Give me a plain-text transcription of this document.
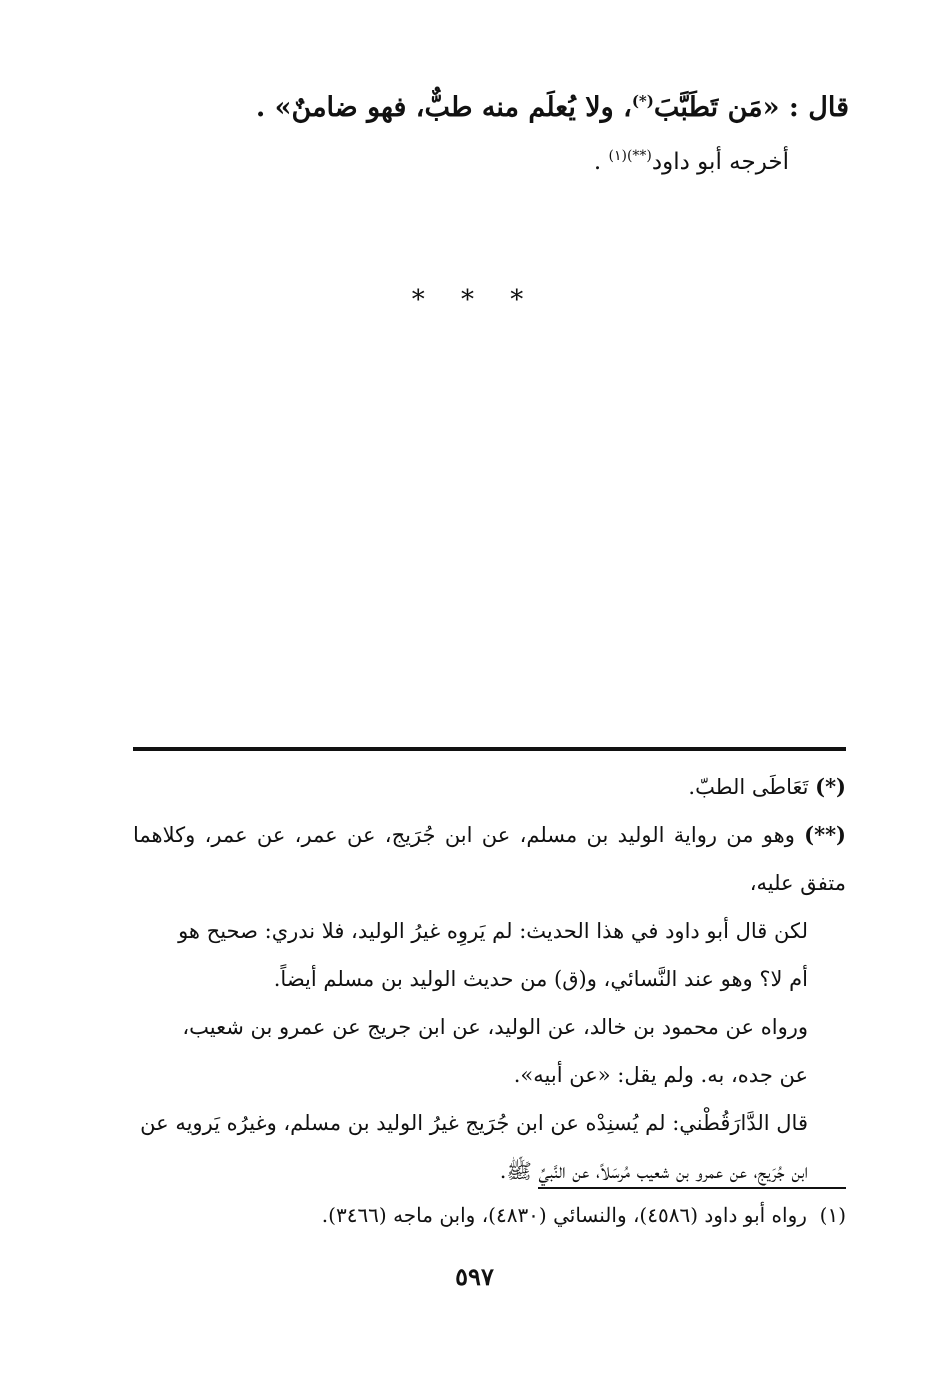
قال : «مَن تَطَبَّبَ(*)، ولا يُعلَم منه طبٌّ، فهو ضامنٌ» .
أخرجه أبو داود$^{(**)(١)}$ .
* * *

(*) تَعَاطَى الطبّ.

(**) وهو من رواية الوليد بن مسلم، عن ابن جُرَيج، عن عمر، عن عمر، وكلاهما متفق عليه،

لكن قال أبو داود في هذا الحديث: لم يَروِه غيرُ الوليد، فلا ندري: صحيح هو

أم لا؟ وهو عند النَّسائي، و(ق) من حديث الوليد بن مسلم أيضاً.

ورواه عن محمود بن خالد، عن الوليد، عن ابن جريج عن عمرو بن شعيب،

عن جده، به. ولم يقل: «عن أبيه».

قال الدَّارَقُطْني: لم يُسنِدْه عن ابن جُرَيج غيرُ الوليد بن مسلم، وغيرُه يَرويه عن

ابن جُرَيج، عن عمرو بن شعيب مُرسَلاً، عن النَّبيِّ ﷺ.

(١)  رواه أبو داود (٤٥٨٦)، والنسائي (٤٨٣٠)، وابن ماجه (٣٤٦٦).
٥٩٧
